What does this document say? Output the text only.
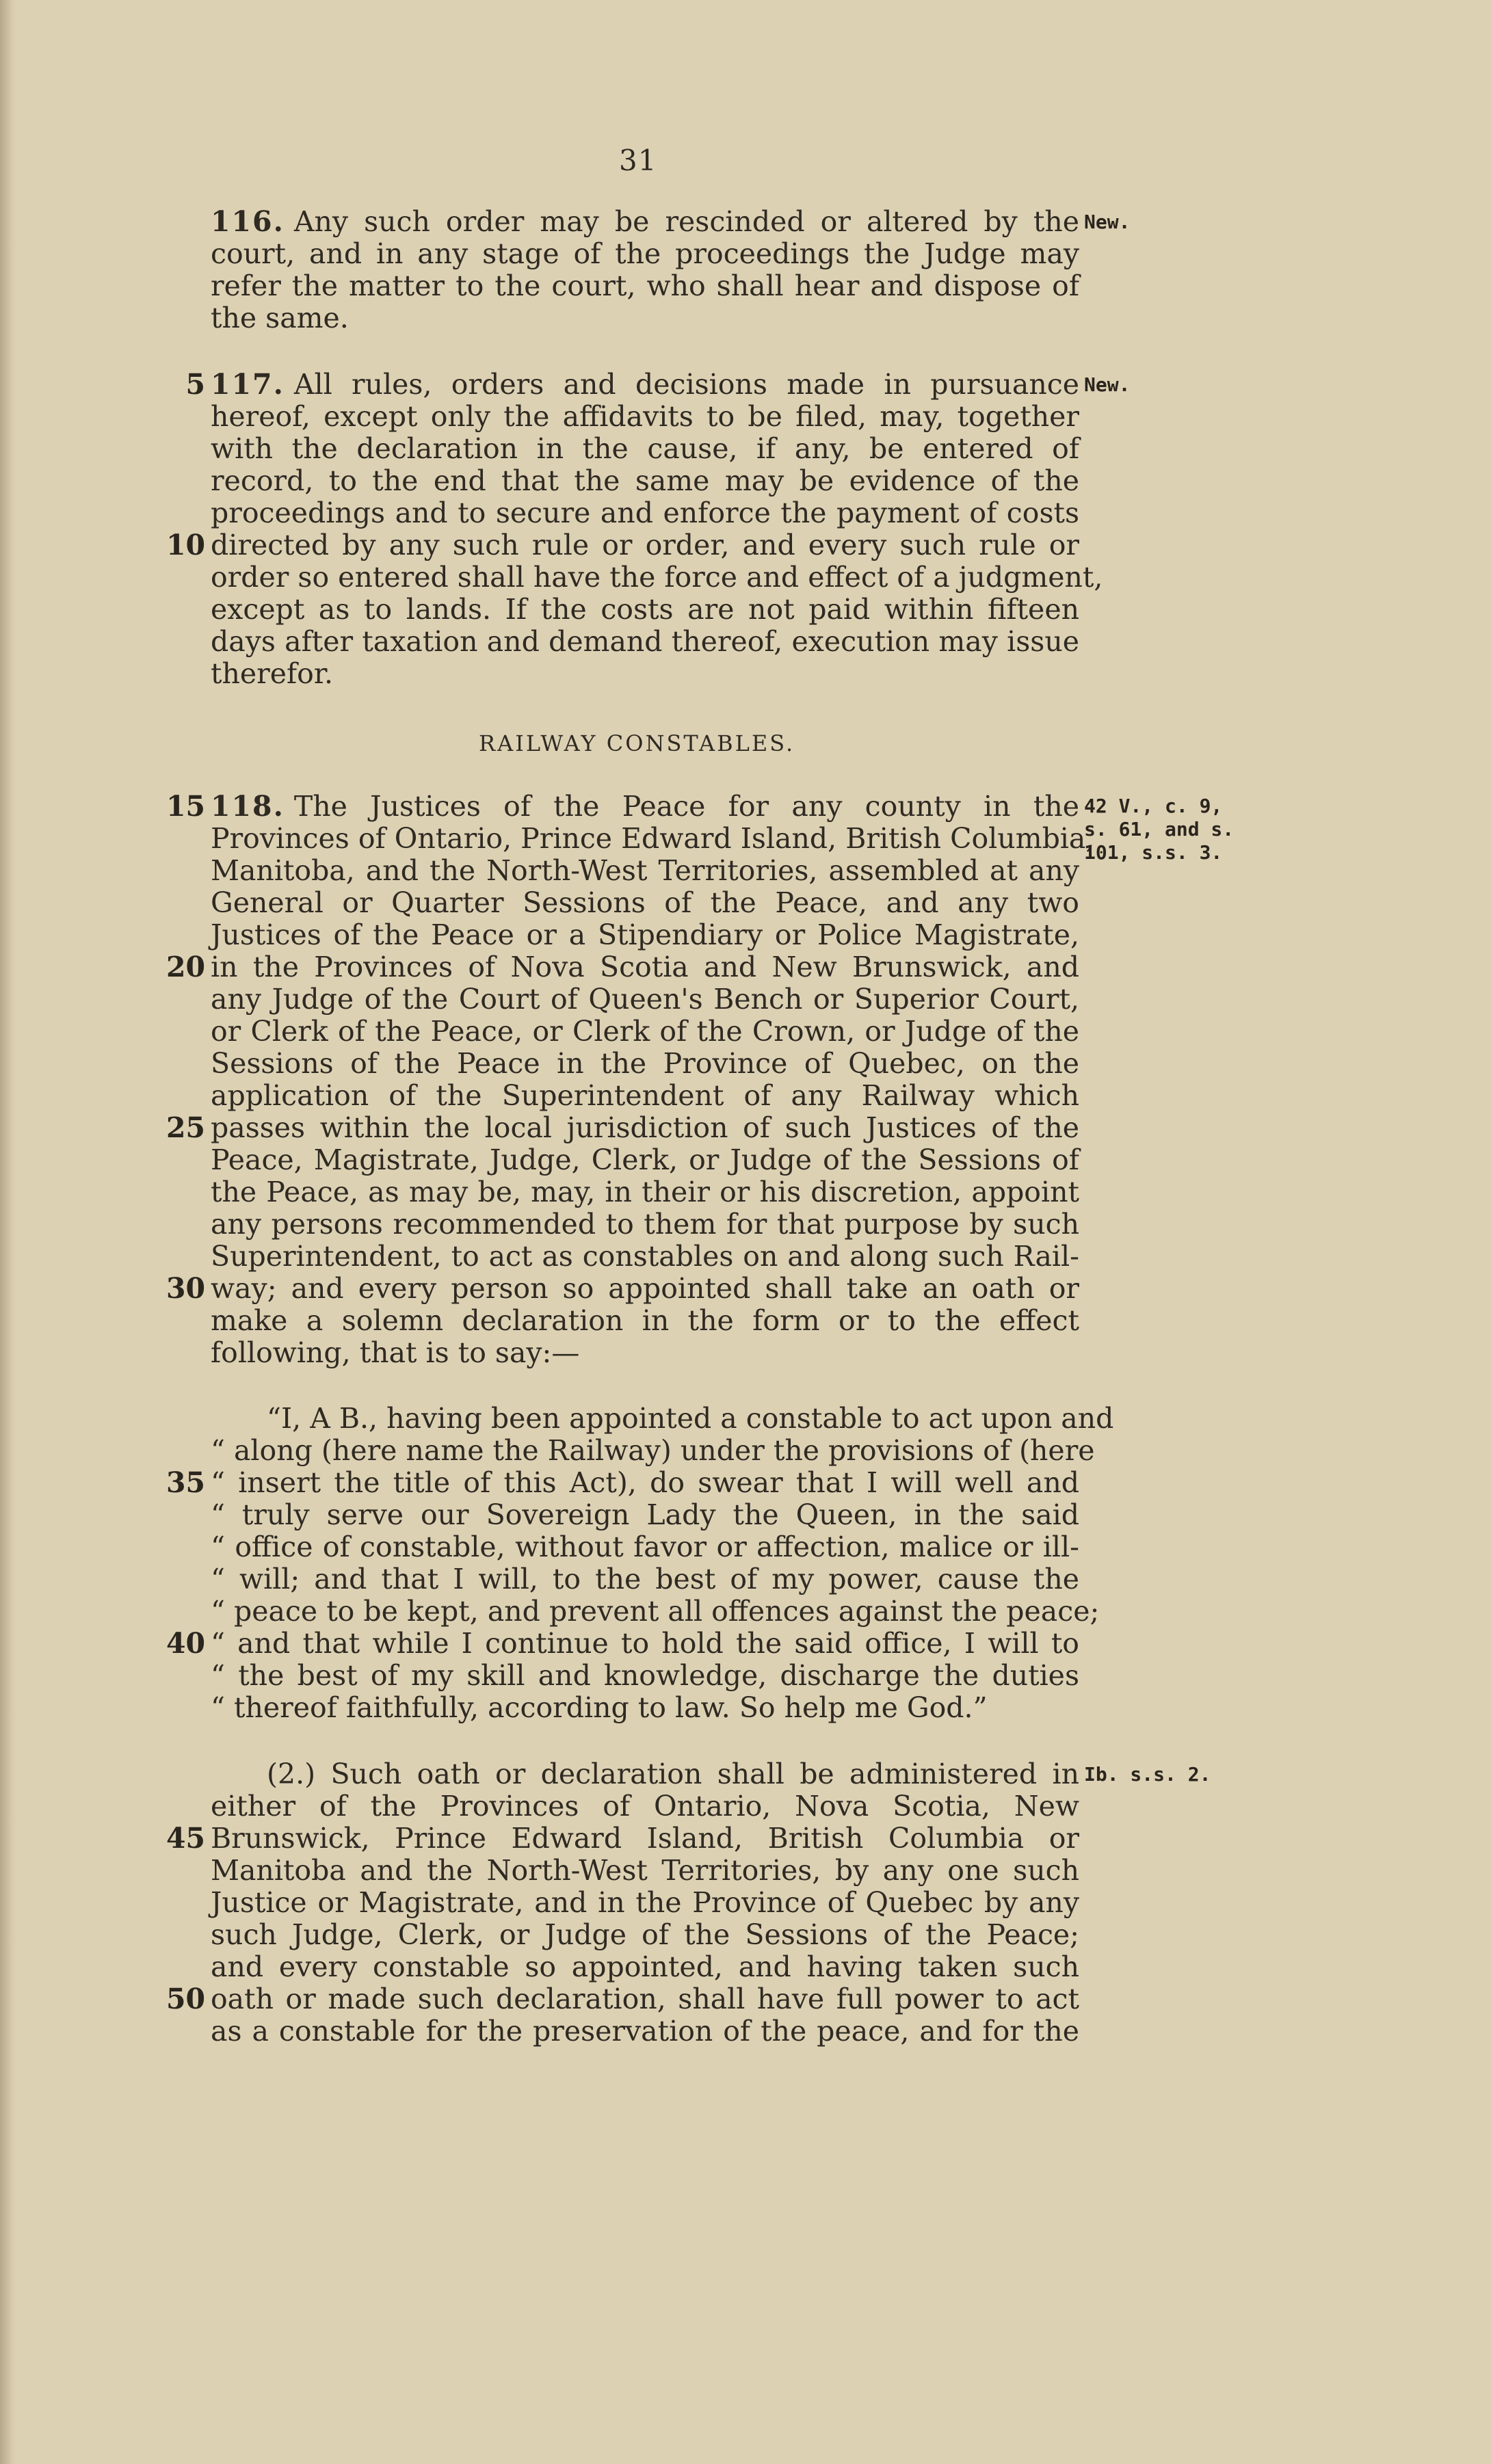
31
116. Any such order may be rescinded or altered by the
court, and in any stage of the proceedings the Judge may
refer the matter to the court, who shall hear and dispose of
the same.
New.
117. All rules, orders and decisions made in pursuance
hereof, except only the affidavits to be filed, may, together
with the declaration in the cause, if any, be entered of
record, to the end that the same may be evidence of the
proceedings and to secure and enforce the payment of costs
directed by any such rule or order, and every such rule or
order so entered shall have the force and effect of a judgment,
except as to lands. If the costs are not paid within fifteen
days after taxation and demand thereof, execution may issue
therefor.
New.
RAILWAY CONSTABLES.
118. The Justices of the Peace for any county in the
Provinces of Ontario, Prince Edward Island, British Columbia,
Manitoba, and the North-West Territories, assembled at any
General or Quarter Sessions of the Peace, and any two
Justices of the Peace or a Stipendiary or Police Magistrate,
in the Provinces of Nova Scotia and New Brunswick, and
any Judge of the Court of Queen's Bench or Superior Court,
or Clerk of the Peace, or Clerk of the Crown, or Judge of the
Sessions of the Peace in the Province of Quebec, on the
application of the Superintendent of any Railway which
passes within the local jurisdiction of such Justices of the
Peace, Magistrate, Judge, Clerk, or Judge of the Sessions of
the Peace, as may be, may, in their or his discretion, appoint
any persons recommended to them for that purpose by such
Superintendent, to act as constables on and along such Rail-
way; and every person so appointed shall take an oath or
make a solemn declaration in the form or to the effect
following, that is to say:—
42 V., c. 9,
s. 61, and s.
101, s.s. 3.
“I, A B., having been appointed a constable to act upon and
“ along (here name the Railway) under the provisions of (here
“ insert the title of this Act), do swear that I will well and
“ truly serve our Sovereign Lady the Queen, in the said
“ office of constable, without favor or affection, malice or ill-
“ will; and that I will, to the best of my power, cause the
“ peace to be kept, and prevent all offences against the peace;
“ and that while I continue to hold the said office, I will to
“ the best of my skill and knowledge, discharge the duties
“ thereof faithfully, according to law. So help me God.”
(2.) Such oath or declaration shall be administered in
either of the Provinces of Ontario, Nova Scotia, New
Brunswick, Prince Edward Island, British Columbia or
Manitoba and the North-West Territories, by any one such
Justice or Magistrate, and in the Province of Quebec by any
such Judge, Clerk, or Judge of the Sessions of the Peace;
and every constable so appointed, and having taken such
oath or made such declaration, shall have full power to act
as a constable for the preservation of the peace, and for the
Ib. s.s. 2.
5
10
15
20
25
30
35
40
45
50
